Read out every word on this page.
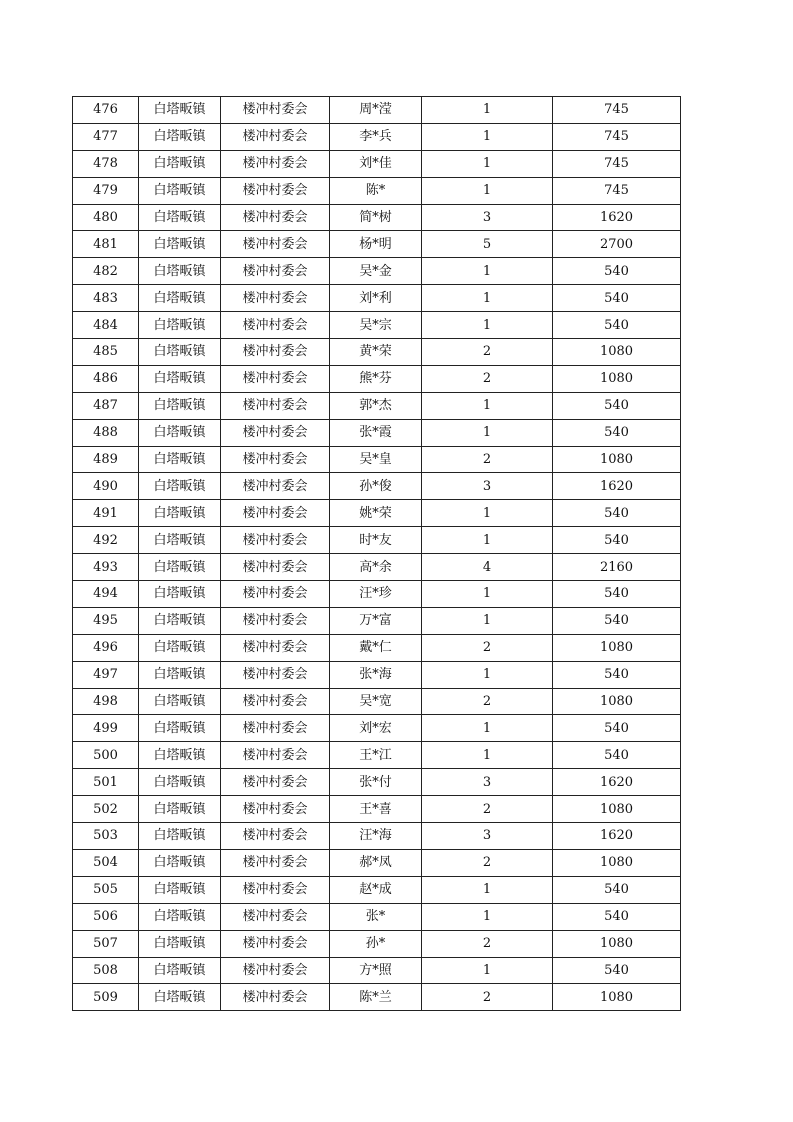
476	白塔畈镇	楼冲村委会	周*滢	1	745
477	白塔畈镇	楼冲村委会	李*兵	1	745
478	白塔畈镇	楼冲村委会	刘*佳	1	745
479	白塔畈镇	楼冲村委会	陈*	1	745
480	白塔畈镇	楼冲村委会	简*树	3	1620
481	白塔畈镇	楼冲村委会	杨*明	5	2700
482	白塔畈镇	楼冲村委会	吴*金	1	540
483	白塔畈镇	楼冲村委会	刘*利	1	540
484	白塔畈镇	楼冲村委会	吴*宗	1	540
485	白塔畈镇	楼冲村委会	黄*荣	2	1080
486	白塔畈镇	楼冲村委会	熊*芬	2	1080
487	白塔畈镇	楼冲村委会	郭*杰	1	540
488	白塔畈镇	楼冲村委会	张*霞	1	540
489	白塔畈镇	楼冲村委会	吴*皇	2	1080
490	白塔畈镇	楼冲村委会	孙*俊	3	1620
491	白塔畈镇	楼冲村委会	姚*荣	1	540
492	白塔畈镇	楼冲村委会	时*友	1	540
493	白塔畈镇	楼冲村委会	高*余	4	2160
494	白塔畈镇	楼冲村委会	汪*珍	1	540
495	白塔畈镇	楼冲村委会	万*富	1	540
496	白塔畈镇	楼冲村委会	戴*仁	2	1080
497	白塔畈镇	楼冲村委会	张*海	1	540
498	白塔畈镇	楼冲村委会	吴*宽	2	1080
499	白塔畈镇	楼冲村委会	刘*宏	1	540
500	白塔畈镇	楼冲村委会	王*江	1	540
501	白塔畈镇	楼冲村委会	张*付	3	1620
502	白塔畈镇	楼冲村委会	王*喜	2	1080
503	白塔畈镇	楼冲村委会	汪*海	3	1620
504	白塔畈镇	楼冲村委会	郝*凤	2	1080
505	白塔畈镇	楼冲村委会	赵*成	1	540
506	白塔畈镇	楼冲村委会	张*	1	540
507	白塔畈镇	楼冲村委会	孙*	2	1080
508	白塔畈镇	楼冲村委会	方*照	1	540
509	白塔畈镇	楼冲村委会	陈*兰	2	1080
